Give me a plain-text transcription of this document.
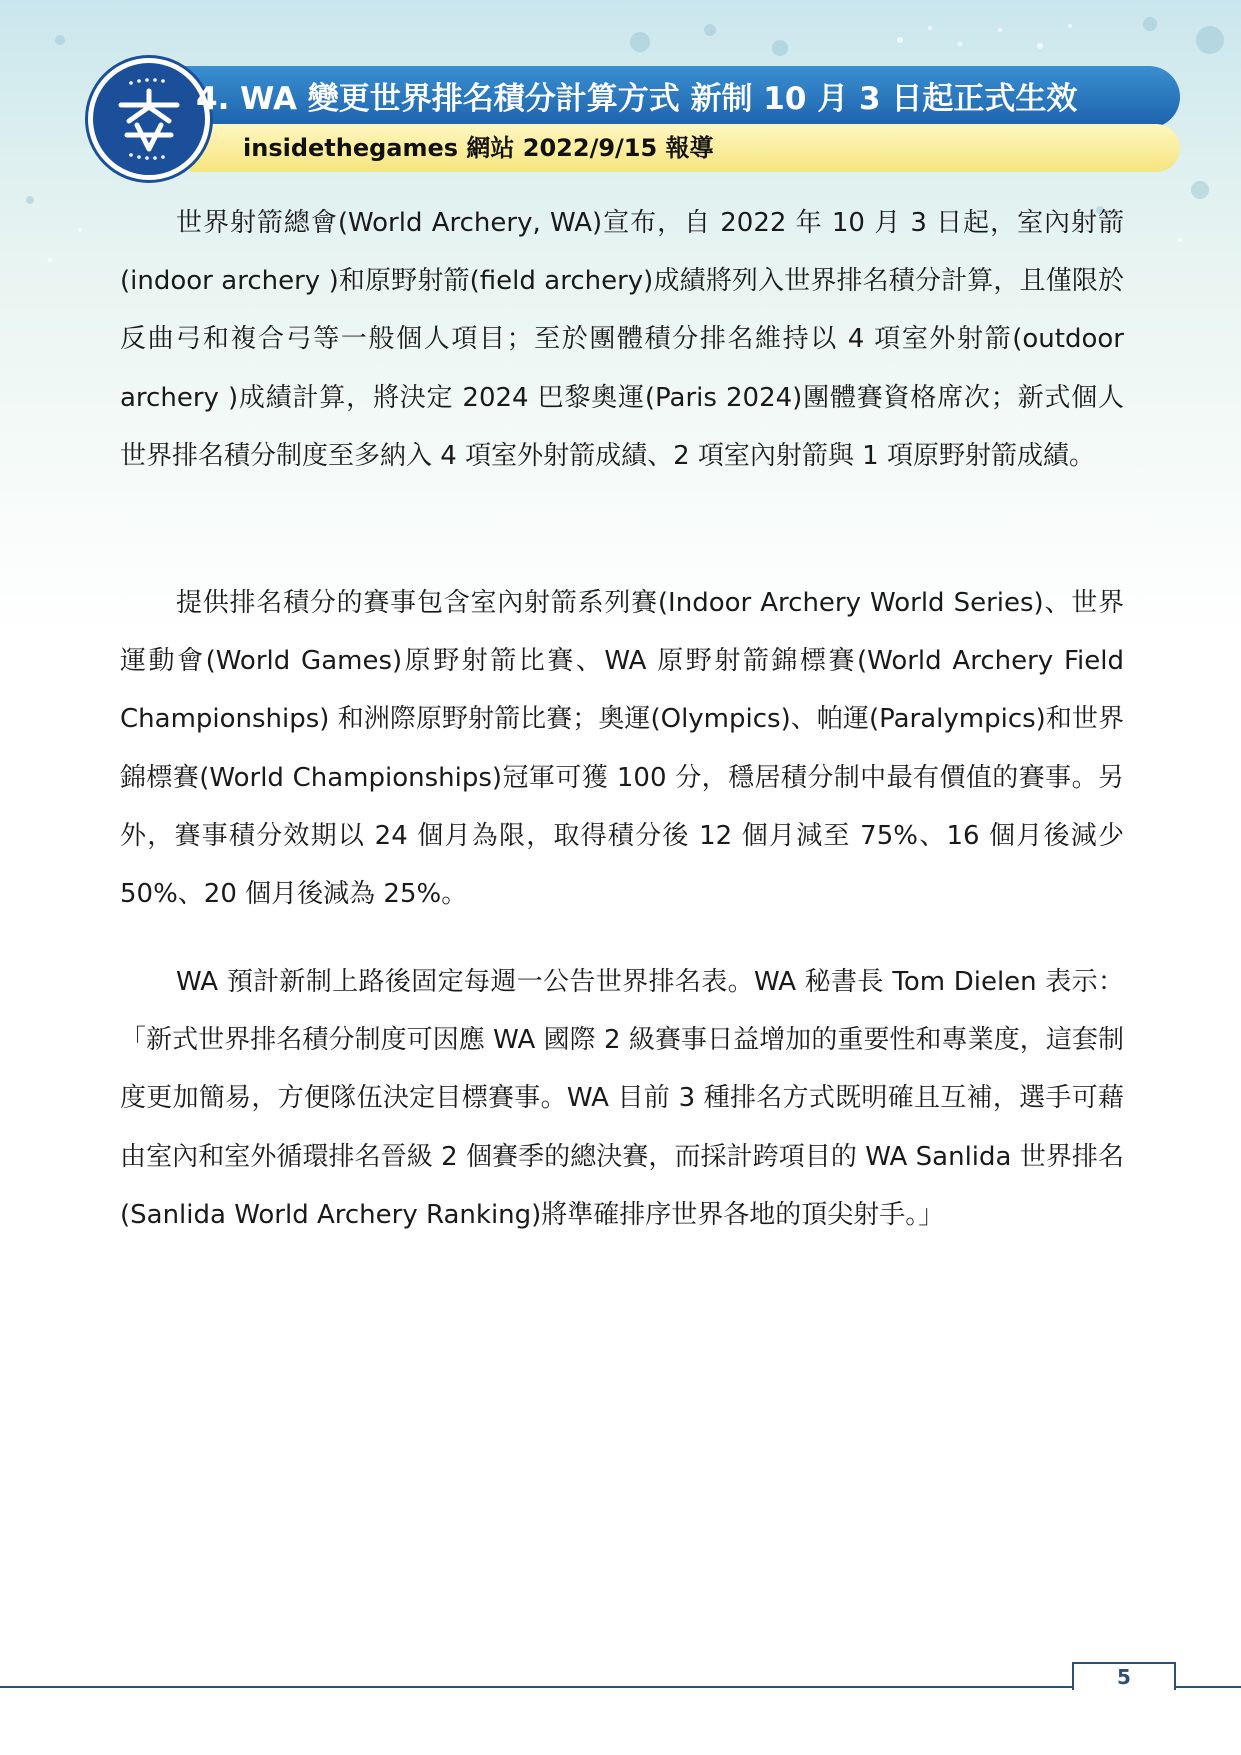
4. WA 變更世界排名積分計算方式 新制 10 月 3 日起正式生效
insidethegames 網站 2022/9/15 報導

世界射箭總會(World Archery, WA)宣布，自 2022 年 10 月 3 日起，室內射箭(indoor archery )和原野射箭(field archery)成績將列入世界排名積分計算，且僅限於反曲弓和複合弓等一般個人項目；至於團體積分排名維持以 4 項室外射箭(outdoor archery )成績計算，將決定 2024 巴黎奧運(Paris 2024)團體賽資格席次；新式個人世界排名積分制度至多納入 4 項室外射箭成績、2 項室內射箭與 1 項原野射箭成績。

提供排名積分的賽事包含室內射箭系列賽(Indoor Archery World Series)、世界運動會(World Games)原野射箭比賽、WA 原野射箭錦標賽(World Archery Field Championships) 和洲際原野射箭比賽；奧運(Olympics)、帕運(Paralympics)和世界錦標賽(World Championships)冠軍可獲 100 分，穩居積分制中最有價值的賽事。另外，賽事積分效期以 24 個月為限，取得積分後 12 個月減至 75%、16 個月後減少 50%、20 個月後減為 25%。

WA 預計新制上路後固定每週一公告世界排名表。WA 秘書長 Tom Dielen 表示：「新式世界排名積分制度可因應 WA 國際 2 級賽事日益增加的重要性和專業度，這套制度更加簡易，方便隊伍決定目標賽事。WA 目前 3 種排名方式既明確且互補，選手可藉由室內和室外循環排名晉級 2 個賽季的總決賽，而採計跨項目的 WA Sanlida 世界排名(Sanlida World Archery Ranking)將準確排序世界各地的頂尖射手。」

5
